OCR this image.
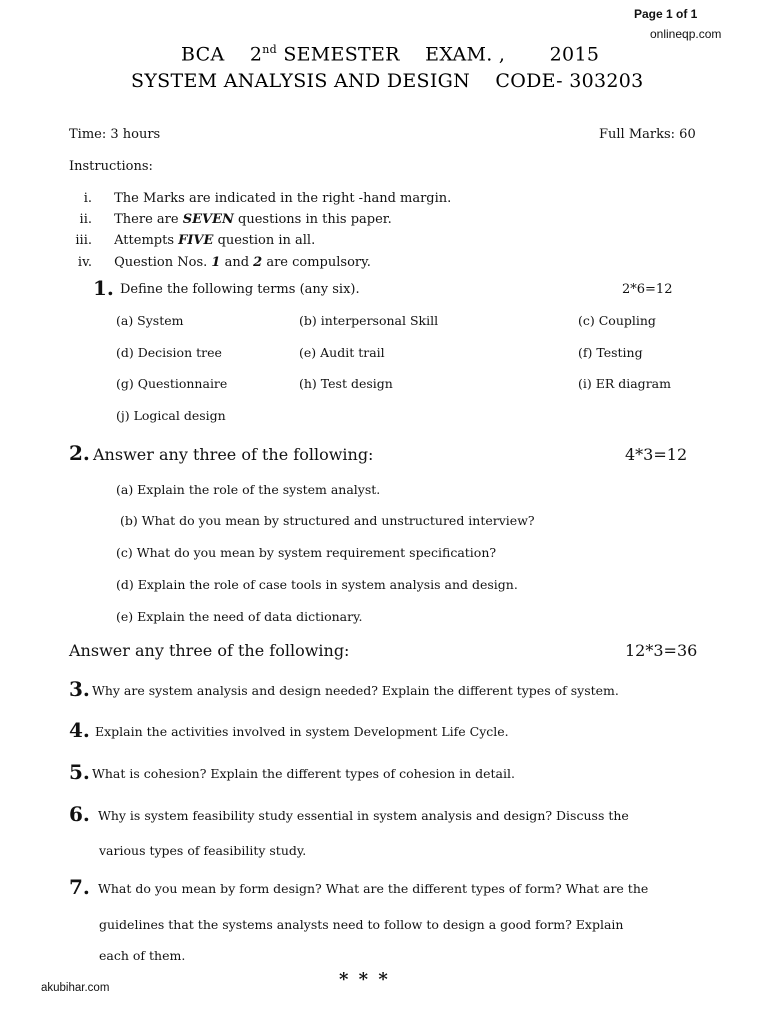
Page 1 of 1
onlineqp.com
BCA 2nd SEMESTER EXAM. , 2015
SYSTEM ANALYSIS AND DESIGN    CODE- 303203
Time: 3 hours	Full Marks: 60
Instructions:
i. The Marks are indicated in the right -hand margin.
ii. There are SEVEN questions in this paper.
iii. Attempts FIVE question in all.
iv. Question Nos. 1 and 2 are compulsory.
1. Define the following terms (any six).	2*6=12
(a) System	(b) interpersonal Skill	(c) Coupling
(d) Decision tree	(e) Audit trail	(f) Testing
(g) Questionnaire	(h) Test design	(i) ER diagram
(j) Logical design
2. Answer any three of the following:	4*3=12
(a) Explain the role of the system analyst.
(b) What do you mean by structured and unstructured interview?
(c) What do you mean by system requirement specification?
(d) Explain the role of case tools in system analysis and design.
(e) Explain the need of data dictionary.
Answer any three of the following:	12*3=36
3. Why are system analysis and design needed? Explain the different types of system.
4. Explain the activities involved in system Development Life Cycle.
5. What is cohesion? Explain the different types of cohesion in detail.
6. Why is system feasibility study essential in system analysis and design? Discuss the
various types of feasibility study.
7. What do you mean by form design? What are the different types of form? What are the
guidelines that the systems analysts need to follow to design a good form? Explain
each of them.
* * *
akubihar.com
